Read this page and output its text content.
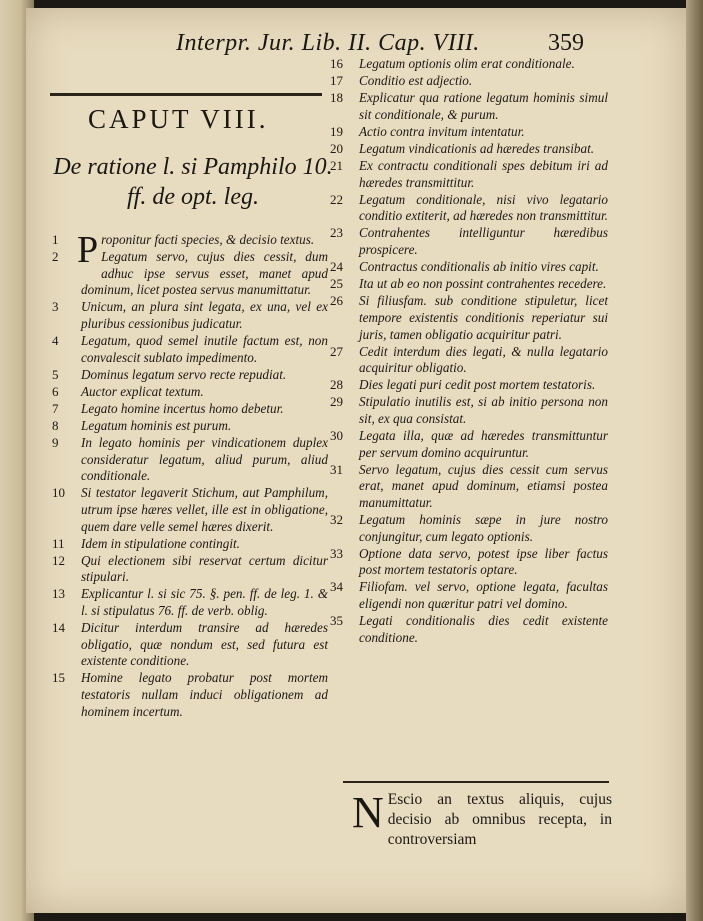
Interpr. Jur. Lib. II. Cap. VIII.	359
CAPUT VIII.
De ratione l. si Pamphilo 10. ff. de opt. leg.
1 Proponitur facti species, & decisio textus.
2	Legatum servo, cujus dies cessit, dum adhuc ipse servus esset, manet apud dominum, licet postea servus manumittatur.
3 Unicum, an plura sint legata, ex una, vel ex pluribus cessionibus judicatur.
4 Legatum, quod semel inutile factum est, non convalescit sublato impedimento.
5 Dominus legatum servo recte repudiat.
6 Auctor explicat textum.
7 Legato homine incertus homo debetur.
8 Legatum hominis est purum.
9 In legato hominis per vindicationem duplex consideratur legatum, aliud purum, aliud conditionale.
10 Si testator legaverit Stichum, aut Pamphilum, utrum ipse hæres vellet, ille est in obligatione, quem dare velle semel hæres dixerit.
11 Idem in stipulatione contingit.
12 Qui electionem sibi reservat certum dicitur stipulari.
13 Explicantur l. si sic 75. §. pen. ff. de leg. 1. & l. si stipulatus 76. ff. de verb. oblig.
14 Dicitur interdum transire ad hæredes obligatio, quæ nondum est, sed futura est existente conditione.
15 Homine legato probatur post mortem testatoris nullam induci obligationem ad hominem incertum.
16 Legatum optionis olim erat conditionale.
17 Conditio est adjectio.
18 Explicatur qua ratione legatum hominis simul sit conditionale, & purum.
19 Actio contra invitum intentatur.
20 Legatum vindicationis ad hæredes transibat.
21 Ex contractu conditionali spes debitum iri ad hæredes transmittitur.
22 Legatum conditionale, nisi vivo legatario conditio extiterit, ad hæredes non transmittitur.
23 Contrahentes intelliguntur hæredibus prospicere.
24 Contractus conditionalis ab initio vires capit.
25 Ita ut ab eo non possint contrahentes recedere.
26 Si filiusfam. sub conditione stipuletur, licet tempore existentis conditionis reperiatur sui juris, tamen obligatio acquiritur patri.
27 Cedit interdum dies legati, & nulla legatario acquiritur obligatio.
28 Dies legati puri cedit post mortem testatoris.
29 Stipulatio inutilis est, si ab initio persona non sit, ex qua consistat.
30 Legata illa, quæ ad hæredes transmittuntur per servum domino acquiruntur.
31 Servo legatum, cujus dies cessit cum servus erat, manet apud dominum, etiamsi postea manumittatur.
32 Legatum hominis sæpe in jure nostro conjungitur, cum legato optionis.
33 Optione data servo, potest ipse liber factus post mortem testatoris optare.
34 Filiofam. vel servo, optione legata, facultas eligendi non quæritur patri vel domino.
35 Legati conditionalis dies cedit existente conditione.
N Escio an textus aliquis, cujus decisio ab omnibus recepta, in controversiam
